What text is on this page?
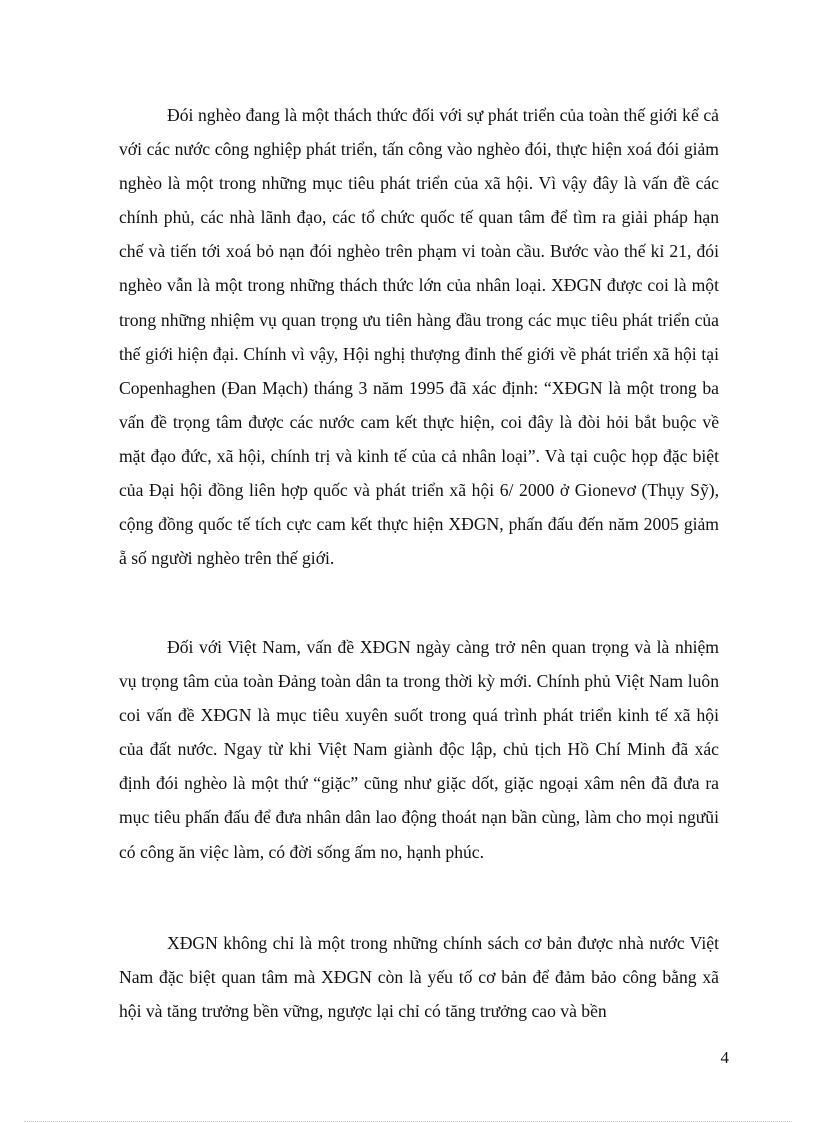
Đói nghèo đang là một thách thức đối với sự phát triển của toàn thế giới kể cả với các nước công nghiệp phát triển, tấn công vào nghèo đói, thực hiện xoá đói giảm nghèo là một trong những mục tiêu phát triển của xã hội. Vì vậy đây là vấn đề các chính phủ, các nhà lãnh đạo, các tổ chức quốc tế quan tâm để tìm ra giải pháp hạn chế và tiến tới xoá bỏ nạn đói nghèo trên phạm vi toàn cầu. Bước vào thế kỉ 21, đói nghèo vẫn là một trong những thách thức lớn của nhân loại. XĐGN được coi là một trong những nhiệm vụ quan trọng ưu tiên hàng đầu trong các mục tiêu phát triển của thế giới hiện đại. Chính vì vậy, Hội nghị thượng đỉnh thế giới về phát triển xã hội tại Copenhaghen (Đan Mạch) tháng 3 năm 1995 đã xác định: “XĐGN là một trong ba vấn đề trọng tâm được các nước cam kết thực hiện, coi đây là đòi hỏi bắt buộc về mặt đạo đức, xã hội, chính trị và kinh tế của cả nhân loại”. Và tại cuộc họp đặc biệt của Đại hội đồng liên hợp quốc và phát triển xã hội 6/ 2000 ở Gionevơ (Thụy Sỹ), cộng đồng quốc tế tích cực cam kết thực hiện XĐGN, phấn đấu đến năm 2005 giảm ẵ số người nghèo trên thế giới.

Đối với Việt Nam, vấn đề XĐGN ngày càng trở nên quan trọng và là nhiệm vụ trọng tâm của toàn Đảng toàn dân ta trong thời kỳ mới. Chính phủ Việt Nam luôn coi vấn đề XĐGN là mục tiêu xuyên suốt trong quá trình phát triển kinh tế xã hội của đất nước. Ngay từ khi Việt Nam giành độc lập, chủ tịch Hồ Chí Minh đã xác định đói nghèo là một thứ “giặc” cũng như giặc dốt, giặc ngoại xâm nên đã đưa ra mục tiêu phấn đấu để đưa nhân dân lao động thoát nạn bần cùng, làm cho mọi ngưũi có công ăn việc làm, có đời sống ấm no, hạnh phúc.

XĐGN không chỉ là một trong những chính sách cơ bản được nhà nước Việt Nam đặc biệt quan tâm mà XĐGN còn là yếu tố cơ bản để đảm bảo công bằng xã hội và tăng trưởng bền vững, ngược lại chỉ có tăng trưởng cao và bền

4
